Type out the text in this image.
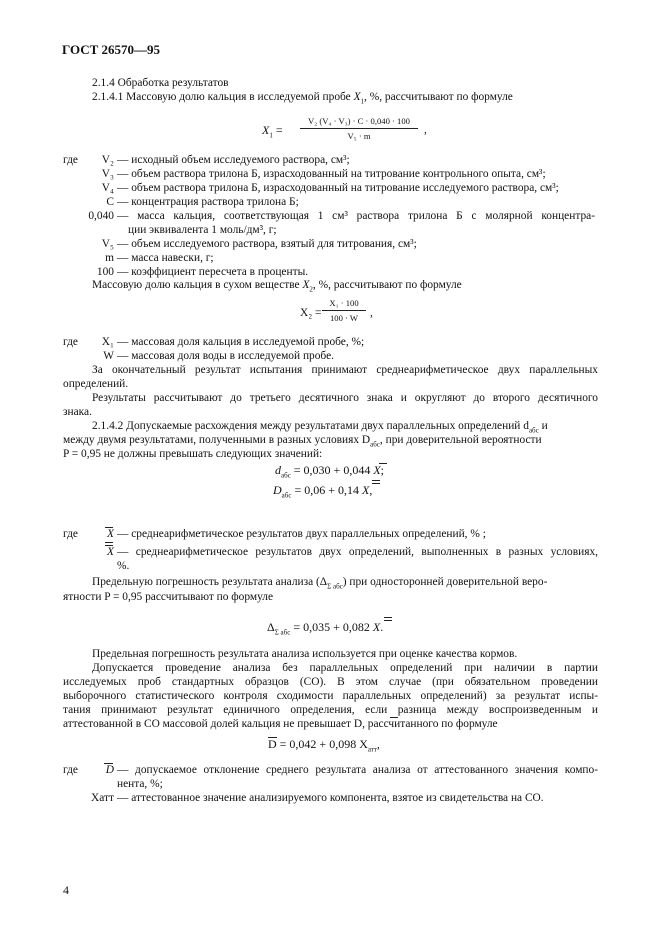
ГОСТ 26570—95
2.1.4 Обработка результатов
2.1.4.1 Массовую долю кальция в исследуемой пробе $X_1$, %, рассчитывают по формуле
$X_1$ =
V₂ (V₄ · V₃) · C · 0,040 · 100
V₅ · m	,
где	V₂ — исходный объем исследуемого раствора, см³;
V₃ — объем раствора трилона Б, израсходованный на титрование контрольного опыта, см³;
V₄ — объем раствора трилона Б, израсходованный на титрование исследуемого раствора, см³;
C — концентрация раствора трилона Б;
0,040 — масса кальция, соответствующая 1 см³ раствора трилона Б с молярной концентра-
ции эквивалента 1 моль/дм³, г;
V₅ — объем исследуемого раствора, взятый для титрования, см³;
m — масса навески, г;
100 — коэффициент пересчета в проценты.
Массовую долю кальция в сухом веществе $X_2$, %, рассчитывают по формуле
X₂ =
X₁ · 100
100 · W	,
где	X₁ — массовая доля кальция в исследуемой пробе, %;
W — массовая доля воды в исследуемой пробе.
За окончательный результат испытания принимают среднеарифметическое двух параллельных
определений.
Результаты рассчитывают до третьего десятичного знака и округляют до второго десятичного
знака.
2.1.4.2 Допускаемые расхождения между результатами двух параллельных определений $d_{абс}$ и
между двумя результатами, полученными в разных условиях $D_{абс}$, при доверительной вероятности
P = 0,95 не должны превышать следующих значений:
$d_{абс} = 0,030 + 0,044$ X;
$D_{абс} = 0,06 + 0,14$ X,
где	X — среднеарифметическое результатов двух параллельных определений, % ;
X — среднеарифметическое результатов двух определений, выполненных в разных условиях,
%.
Предельную погрешность результата анализа $(\Delta_{\Sigma абс})$ при односторонней доверительной веро-
ятности P = 0,95 рассчитывают по формуле
$\Delta_{\Sigma абс} = 0,035 + 0,082$ X.
Предельная погрешность результата анализа используется при оценке качества кормов.
Допускается проведение анализа без параллельных определений при наличии в партии
исследуемых проб стандартных образцов (СО). В этом случае (при обязательном проведении
выборочного статистического контроля сходимости параллельных определений) за результат испы-
тания принимают результат единичного определения, если разница между воспроизведенным и
аттестованной в СО массовой долей кальция не превышает D, рассчитанного по формуле
D = 0,042 + 0,098 $X_{атт}$,
где	D — допускаемое отклонение среднего результата анализа от аттестованного значения компо-
нента, %;
Xатт — аттестованное значение анализируемого компонента, взятое из свидетельства на СО.
4
